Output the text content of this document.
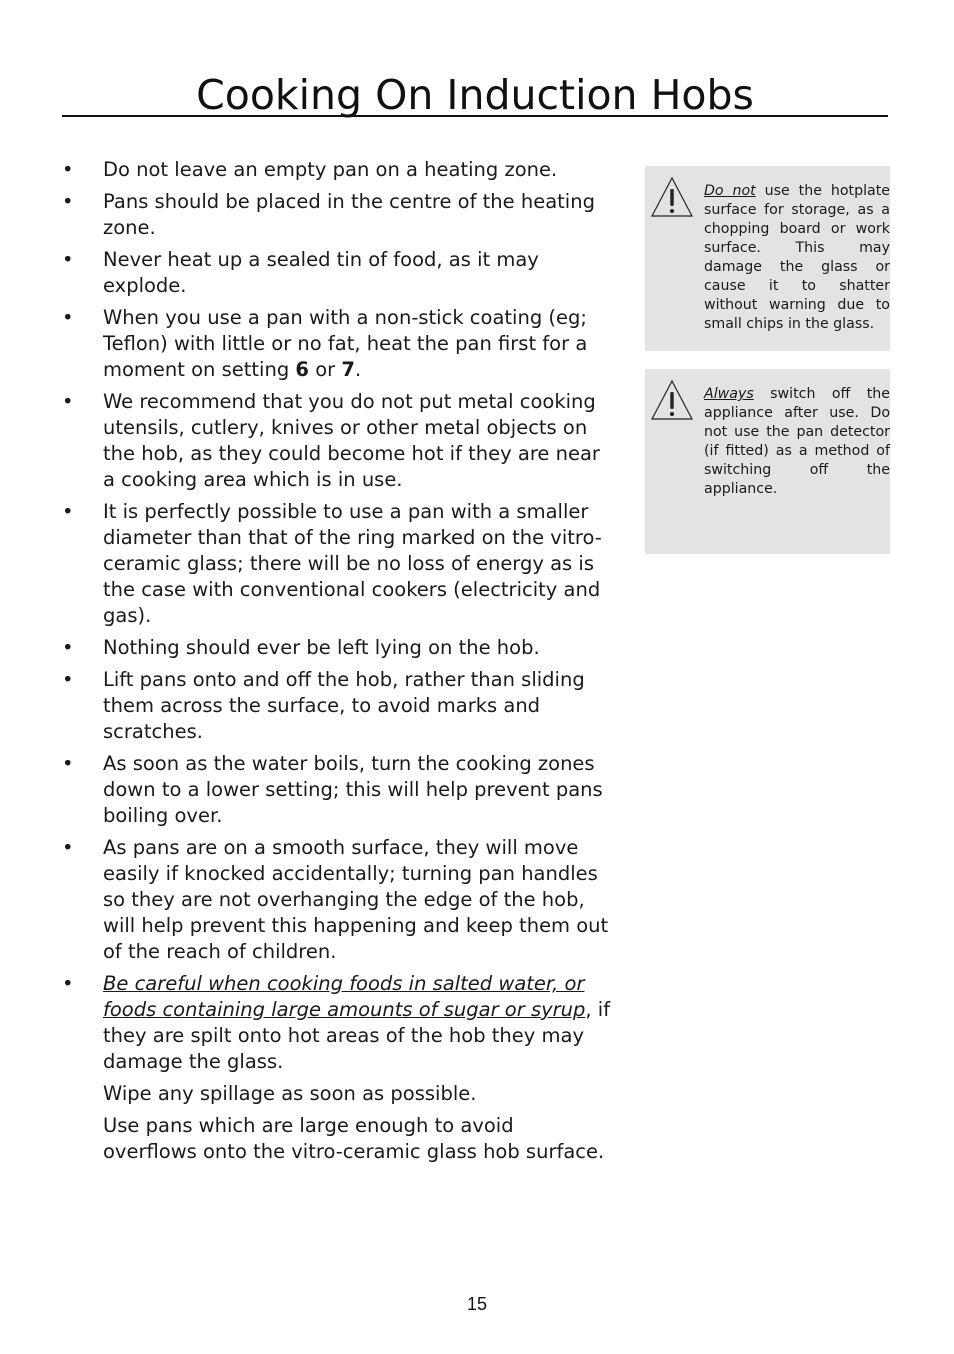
Cooking On Induction Hobs
• Do not leave an empty pan on a heating zone.
• Pans should be placed in the centre of the heating zone.
• Never heat up a sealed tin of food, as it may explode.
• When you use a pan with a non-stick coating (eg; Teflon) with little or no fat, heat the pan first for a moment on setting 6 or 7.
• We recommend that you do not put metal cooking utensils, cutlery, knives or other metal objects on the hob, as they could become hot if they are near a cooking area which is in use.
• It is perfectly possible to use a pan with a smaller diameter than that of the ring marked on the vitro-ceramic glass; there will be no loss of energy as is the case with conventional cookers (electricity and gas).
• Nothing should ever be left lying on the hob.
• Lift pans onto and off the hob, rather than sliding them across the surface, to avoid marks and scratches.
• As soon as the water boils, turn the cooking zones down to a lower setting; this will help prevent pans boiling over.
• As pans are on a smooth surface, they will move easily if knocked accidentally; turning pan handles so they are not overhanging the edge of the hob, will help prevent this happening and keep them out of the reach of children.
• Be careful when cooking foods in salted water, or foods containing large amounts of sugar or syrup, if they are spilt onto hot areas of the hob they may damage the glass.

Wipe any spillage as soon as possible.

Use pans which are large enough to avoid overflows onto the vitro-ceramic glass hob surface.

Do not use the hotplate surface for storage, as a chopping board or work surface. This may damage the glass or cause it to shatter without warning due to small chips in the glass.
Always switch off the appliance after use. Do not use the pan detector (if fitted) as a method of switching off the appliance.
15
